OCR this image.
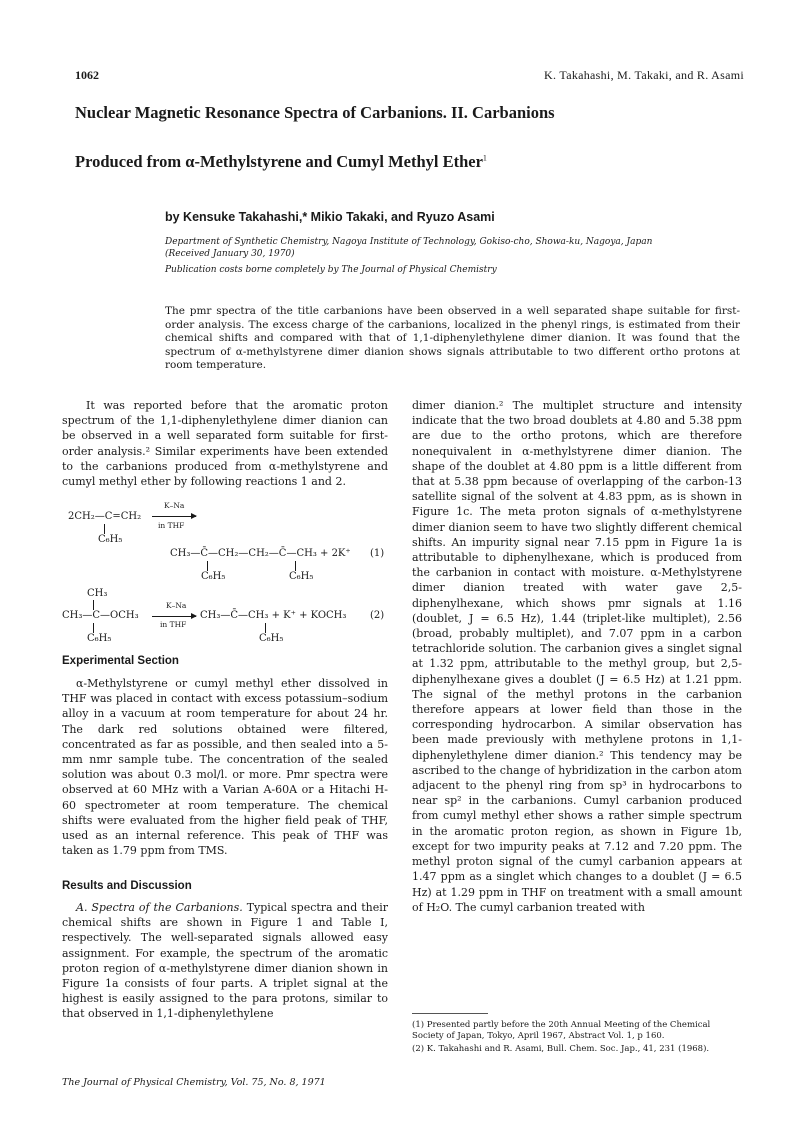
1062	K. Takahashi, M. Takaki, and R. Asami
Nuclear Magnetic Resonance Spectra of Carbanions. II. Carbanions
Produced from α-Methylstyrene and Cumyl Methyl Ether$^1$
by Kensuke Takahashi,* Mikio Takaki, and Ryuzo Asami
Department of Synthetic Chemistry, Nagoya Institute of Technology, Gokiso-cho, Showa-ku, Nagoya, Japan
(Received January 30, 1970)
Publication costs borne completely by The Journal of Physical Chemistry
The pmr spectra of the title carbanions have been observed in a well separated shape suitable for first-order analysis. The excess charge of the carbanions, localized in the phenyl rings, is estimated from their chemical shifts and compared with that of 1,1-diphenylethylene dimer dianion. It was found that the spectrum of α-methylstyrene dimer dianion shows signals attributable to two different ortho protons at room temperature.
It was reported before that the aromatic proton spectrum of the 1,1-diphenylethylene dimer dianion can be observed in a well separated form suitable for first-order analysis.² Similar experiments have been extended to the carbanions produced from α-methylstyrene and cumyl methyl ether by following reactions 1 and 2.
2CH₂—C=CH₂
C₆H₅
K–Na
in THF
CH₃—C̄—CH₂—CH₂—C̄—CH₃ + 2K⁺
C₆H₅	C₆H₅
(1)
CH₃
CH₃—C—OCH₃
C₆H₅
K–Na
in THF
CH₃—C̄—CH₃ + K⁺ + KOCH₃
C₆H₅
(2)
Experimental Section
α-Methylstyrene or cumyl methyl ether dissolved in THF was placed in contact with excess potassium–sodium alloy in a vacuum at room temperature for about 24 hr. The dark red solutions obtained were filtered, concentrated as far as possible, and then sealed into a 5-mm nmr sample tube. The concentration of the sealed solution was about 0.3 mol/l. or more. Pmr spectra were observed at 60 MHz with a Varian A-60A or a Hitachi H-60 spectrometer at room temperature. The chemical shifts were evaluated from the higher field peak of THF, used as an internal reference. This peak of THF was taken as 1.79 ppm from TMS.
Results and Discussion
A. Spectra of the Carbanions. Typical spectra and their chemical shifts are shown in Figure 1 and Table I, respectively. The well-separated signals allowed easy assignment. For example, the spectrum of the aromatic proton region of α-methylstyrene dimer dianion shown in Figure 1a consists of four parts. A triplet signal at the highest is easily assigned to the para protons, similar to that observed in 1,1-diphenylethylene
dimer dianion.² The multiplet structure and intensity indicate that the two broad doublets at 4.80 and 5.38 ppm are due to the ortho protons, which are therefore nonequivalent in α-methylstyrene dimer dianion. The shape of the doublet at 4.80 ppm is a little different from that at 5.38 ppm because of overlapping of the carbon-13 satellite signal of the solvent at 4.83 ppm, as is shown in Figure 1c. The meta proton signals of α-methylstyrene dimer dianion seem to have two slightly different chemical shifts. An impurity signal near 7.15 ppm in Figure 1a is attributable to diphenylhexane, which is produced from the carbanion in contact with moisture. α-Methylstyrene dimer dianion treated with water gave 2,5-diphenylhexane, which shows pmr signals at 1.16 (doublet, J = 6.5 Hz), 1.44 (triplet-like multiplet), 2.56 (broad, probably multiplet), and 7.07 ppm in a carbon tetrachloride solution. The carbanion gives a singlet signal at 1.32 ppm, attributable to the methyl group, but 2,5-diphenylhexane gives a doublet (J = 6.5 Hz) at 1.21 ppm. The signal of the methyl protons in the carbanion therefore appears at lower field than those in the corresponding hydrocarbon. A similar observation has been made previously with methylene protons in 1,1-diphenylethylene dimer dianion.² This tendency may be ascribed to the change of hybridization in the carbon atom adjacent to the phenyl ring from sp³ in hydrocarbons to near sp² in the carbanions. Cumyl carbanion produced from cumyl methyl ether shows a rather simple spectrum in the aromatic proton region, as shown in Figure 1b, except for two impurity peaks at 7.12 and 7.20 ppm. The methyl proton signal of the cumyl carbanion appears at 1.47 ppm as a singlet which changes to a doublet (J = 6.5 Hz) at 1.29 ppm in THF on treatment with a small amount of H₂O. The cumyl carbanion treated with
(1) Presented partly before the 20th Annual Meeting of the Chemical Society of Japan, Tokyo, April 1967, Abstract Vol. 1, p 160.
(2) K. Takahashi and R. Asami, Bull. Chem. Soc. Jap., 41, 231 (1968).
The Journal of Physical Chemistry, Vol. 75, No. 8, 1971
